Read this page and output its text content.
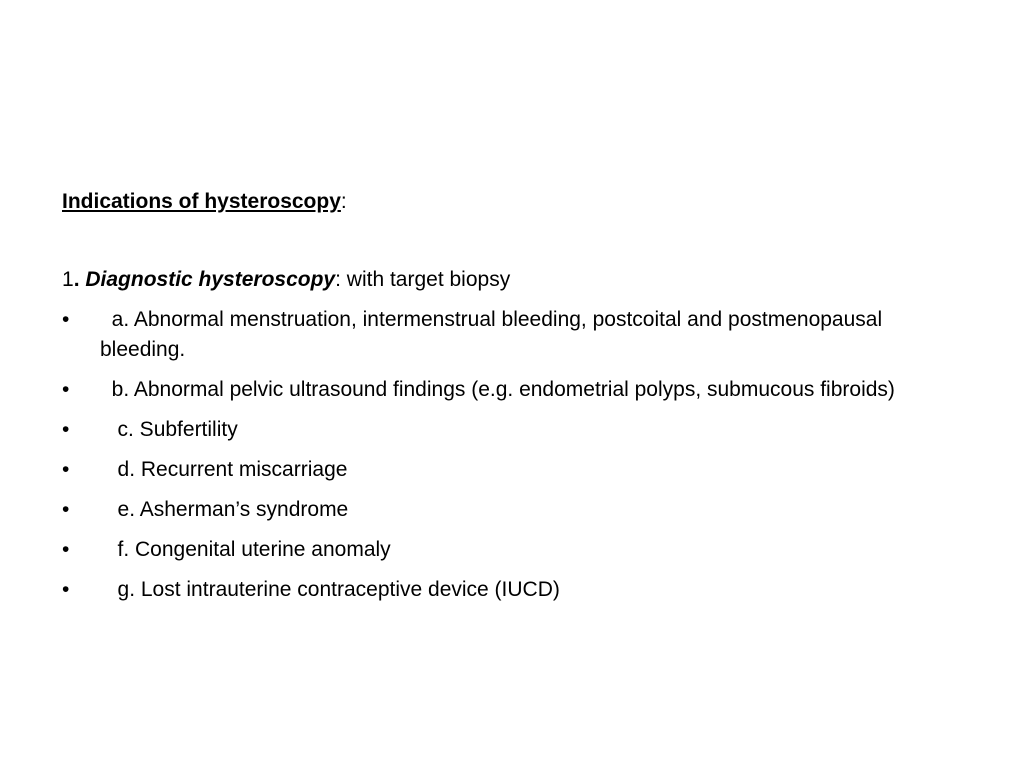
Indications of hysteroscopy:

1. Diagnostic hysteroscopy: with target biopsy

•	a. Abnormal menstruation, intermenstrual bleeding, postcoital and postmenopausal bleeding.
•	b. Abnormal pelvic ultrasound findings (e.g. endometrial polyps, submucous fibroids)
•	c. Subfertility
•	d. Recurrent miscarriage
•	e. Asherman’s syndrome
•	f. Congenital uterine anomaly
•	g. Lost intrauterine contraceptive device (IUCD)
